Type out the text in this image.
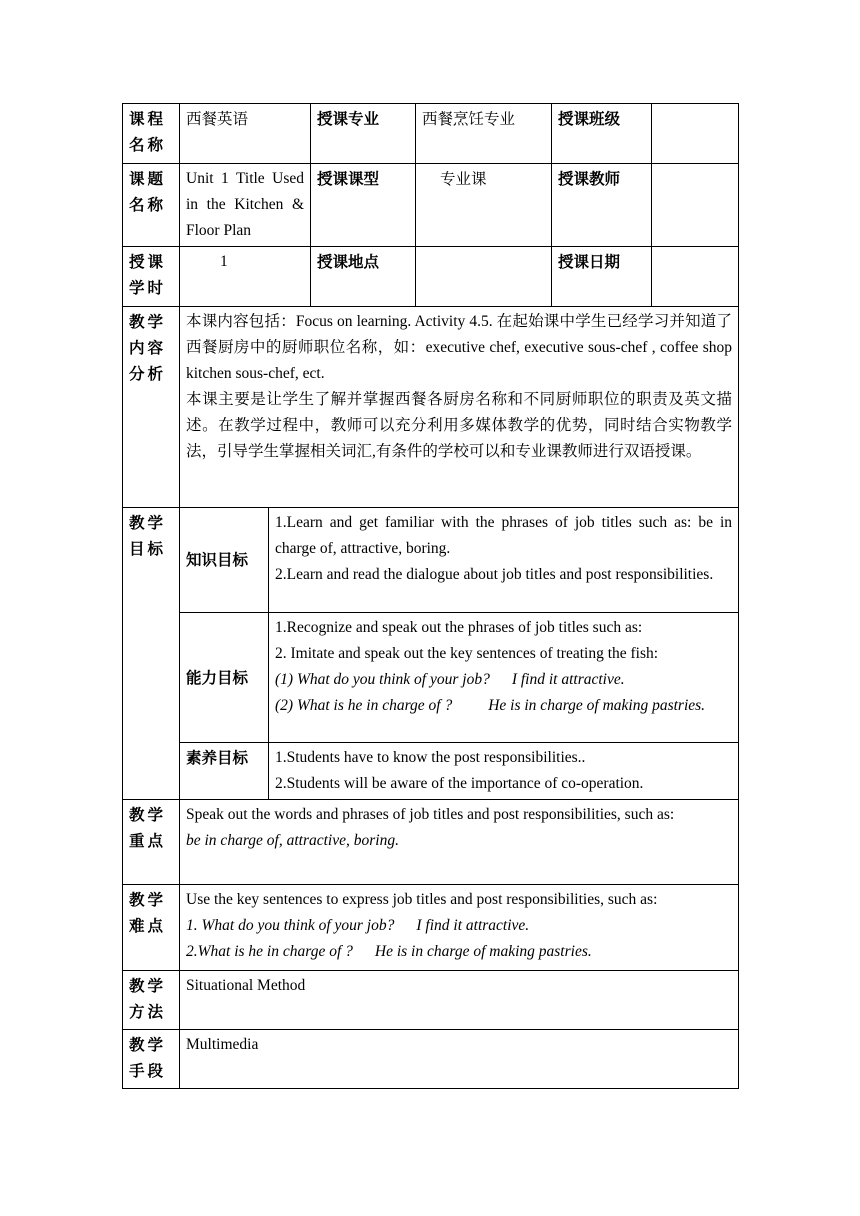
课程名称	西餐英语		授课专业	西餐烹饪专业	授课班级	
课题名称	Unit 1 Title Used in the Kitchen & Floor Plan		授课课型	专业课	授课教师	
授课学时	1		授课地点		授课日期	
教学内容分析	本课内容包括：Focus on learning. Activity 4.5. 在起始课中学生已经学习并知道了西餐厨房中的厨师职位名称，如：executive chef, executive sous-chef , coffee shop kitchen sous-chef, ect.
本课主要是让学生了解并掌握西餐各厨房名称和不同厨师职位的职责及英文描述。在教学过程中，教师可以充分利用多媒体教学的优势，同时结合实物教学法，引导学生掌握相关词汇,有条件的学校可以和专业课教师进行双语授课。					

教学目标	知识目标	1.Learn and get familiar with the phrases of job titles such as: be in charge of, attractive, boring.
2.Learn and read the dialogue about job titles and post responsibilities.				

	能力目标	1.Recognize and speak out the phrases of job titles such as:
2. Imitate and speak out the key sentences of treating the fish:
(1) What do you think of your job? I find it attractive.
(2) What is he in charge of ? He is in charge of making pastries.				

	素养目标	1.Students have to know the post responsibilities..
2.Students will be aware of the importance of co-operation.				

教学重点	Speak out the words and phrases of job titles and post responsibilities, such as:
be in charge of, attractive, boring.					

教学难点	Use the key sentences to express job titles and post responsibilities, such as:
1. What do you think of your job? I find it attractive.
2.What is he in charge of ? He is in charge of making pastries.					

教学方法	Situational Method					
教学手段	Multimedia					
